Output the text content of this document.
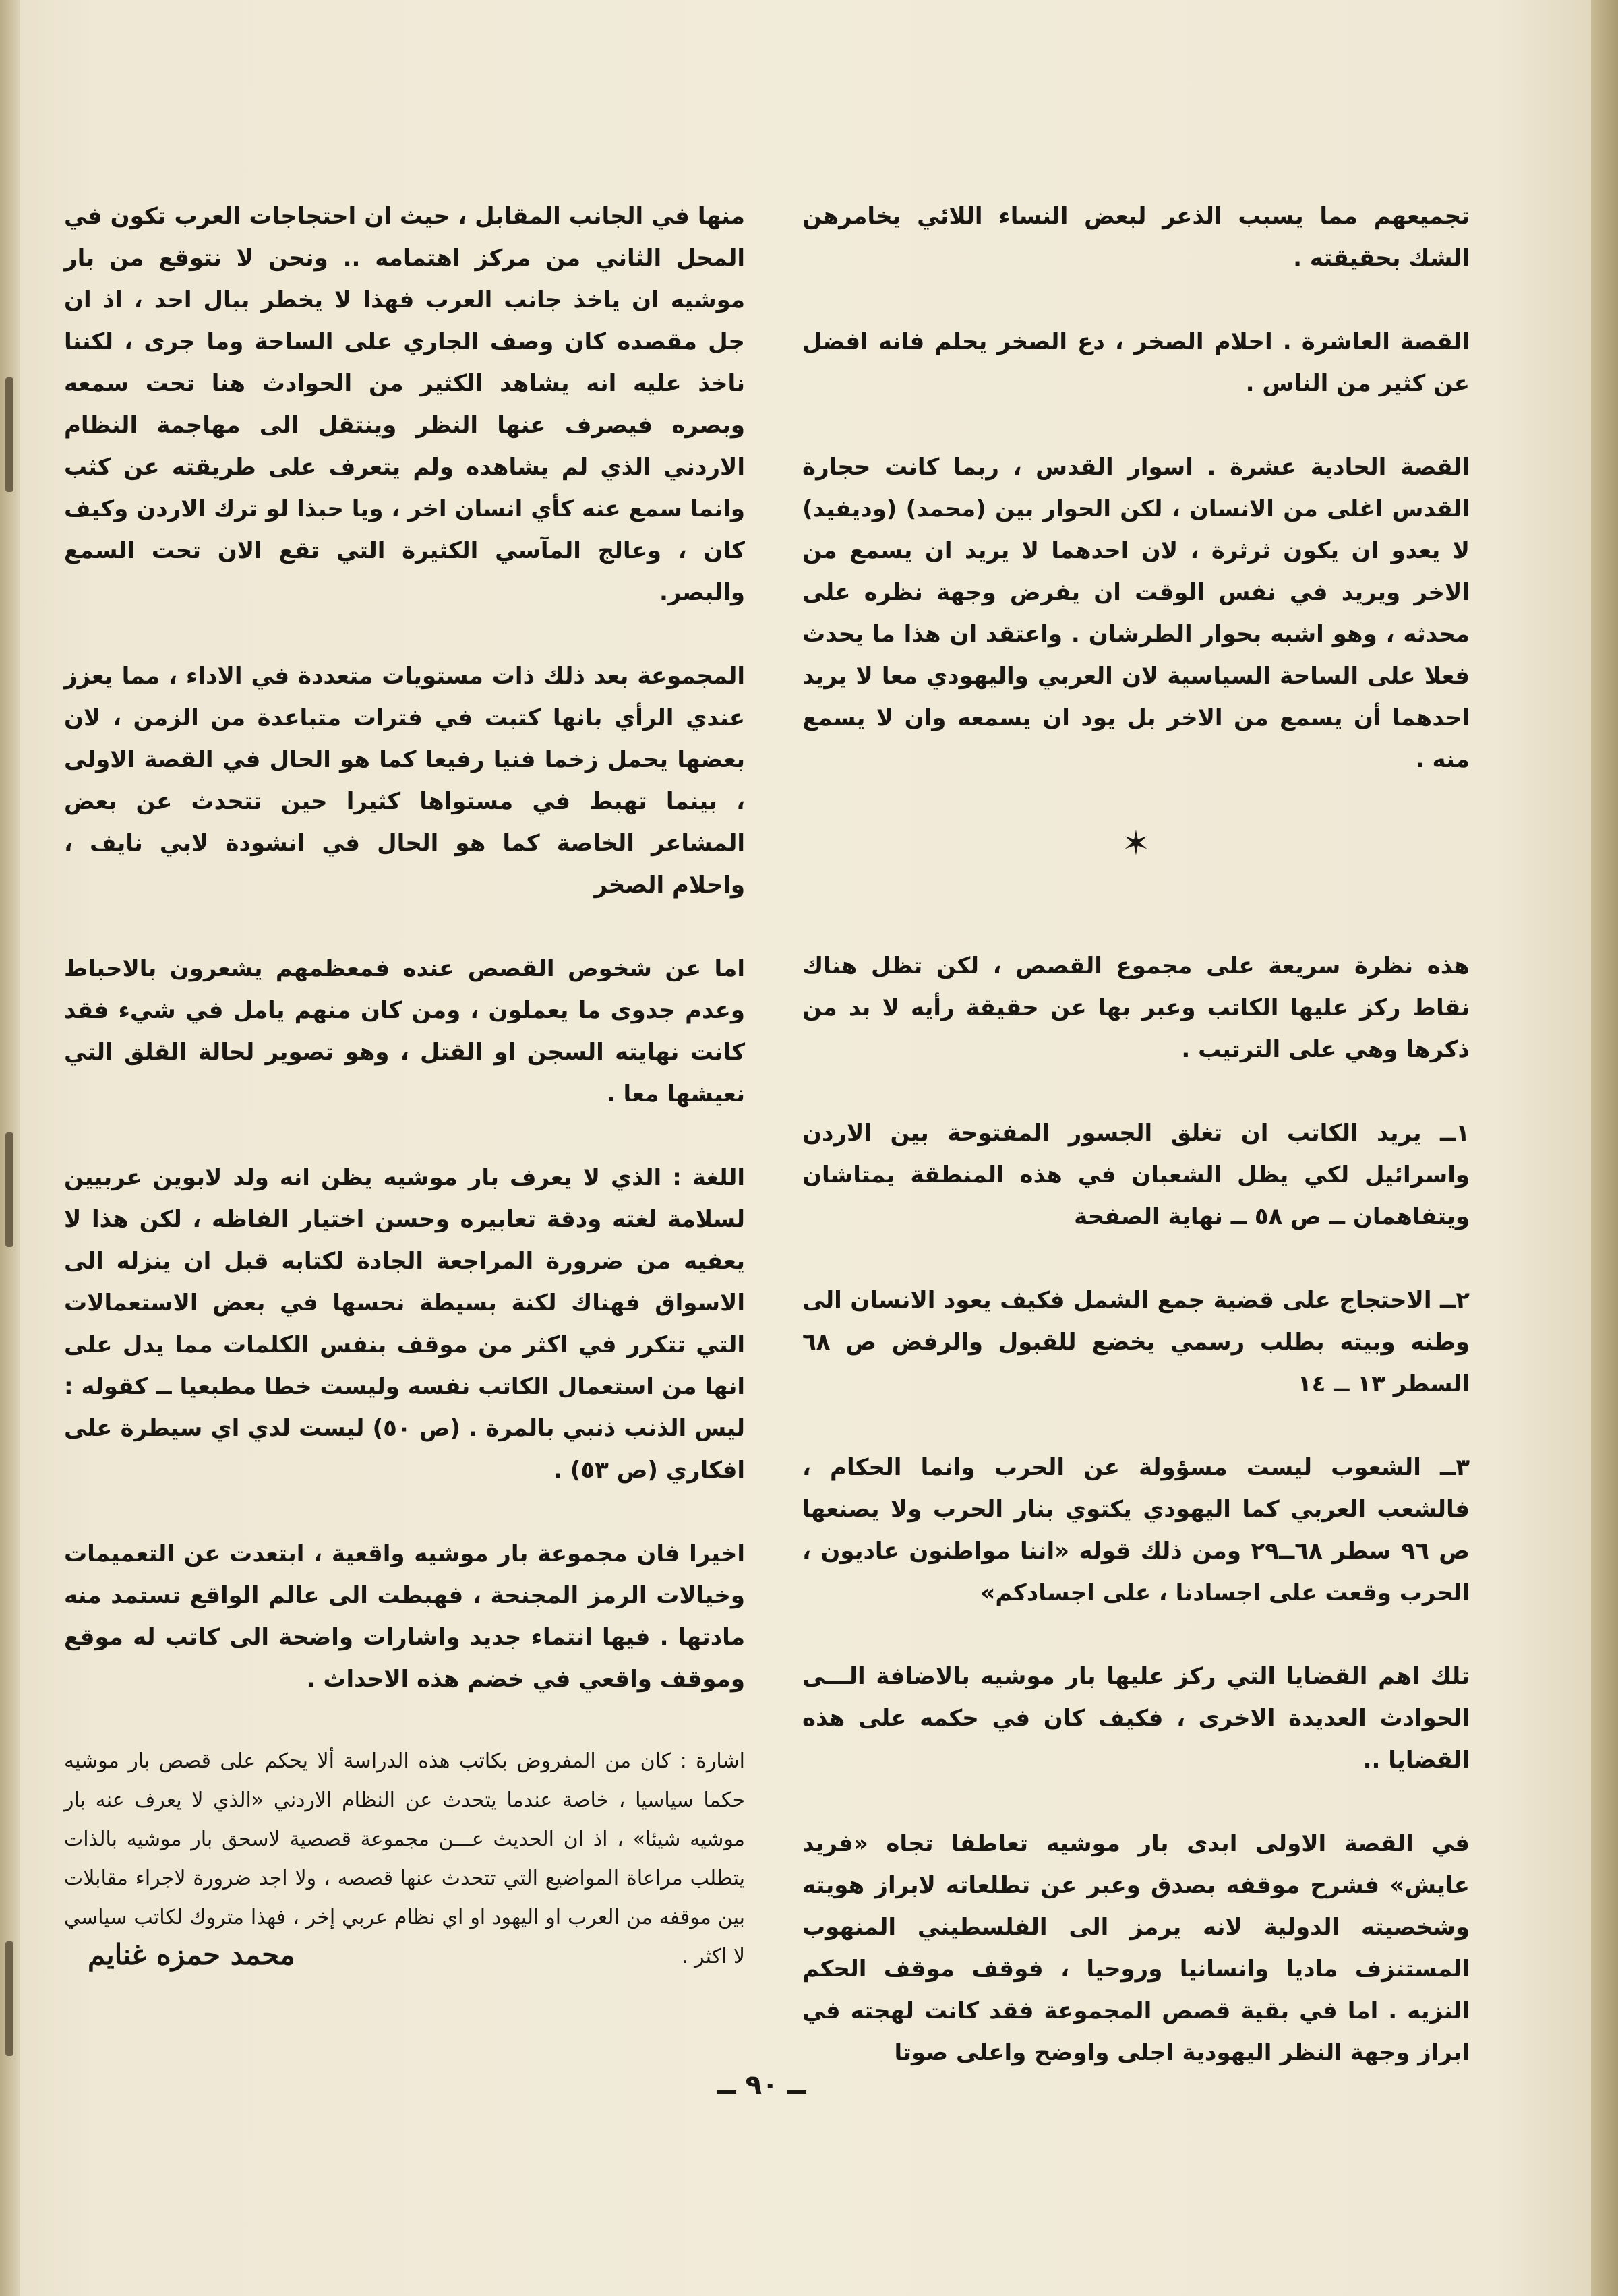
تجميعهم مما يسبب الذعر لبعض النساء اللائي يخامرهن الشك بحقيقته .

القصة العاشرة . احلام الصخر ، دع الصخر يحلم فانه افضل عن كثير من الناس .

القصة الحادية عشرة . اسوار القدس ، ربما كانت حجارة القدس اغلى من الانسان ، لكن الحوار بين (محمد) (وديفيد) لا يعدو ان يكون ثرثرة ، لان احدهما لا يريد ان يسمع من الاخر ويريد في نفس الوقت ان يفرض وجهة نظره على محدثه ، وهو اشبه بحوار الطرشان . واعتقد ان هذا ما يحدث فعلا على الساحة السياسية لان العربي واليهودي معا لا يريد احدهما أن يسمع من الاخر بل يود ان يسمعه وان لا يسمع منه .

✶

هذه نظرة سريعة على مجموع القصص ، لكن تظل هناك نقاط ركز عليها الكاتب وعبر بها عن حقيقة رأيه لا بد من ذكرها وهي على الترتيب .

١ــ يريد الكاتب ان تغلق الجسور المفتوحة بين الاردن واسرائيل لكي يظل الشعبان في هذه المنطقة يمتاشان ويتفاهمان ــ ص ٥٨ ــ نهاية الصفحة

٢ــ الاحتجاج على قضية جمع الشمل فكيف يعود الانسان الى وطنه وبيته بطلب رسمي يخضع للقبول والرفض ص ٦٨ السطر ١٣ ــ ١٤

٣ــ الشعوب ليست مسؤولة عن الحرب وانما الحكام ، فالشعب العربي كما اليهودي يكتوي بنار الحرب ولا يصنعها ص ٩٦ سطر ٦٨ــ٢٩ ومن ذلك قوله «اننا مواطنون عاديون ، الحرب وقعت على اجسادنا ، على اجسادكم»

تلك اهم القضايا التي ركز عليها بار موشيه بالاضافة الـــى الحوادث العديدة الاخرى ، فكيف كان في حكمه على هذه القضايا ..

في القصة الاولى ابدى بار موشيه تعاطفا تجاه «فريد عايش» فشرح موقفه بصدق وعبر عن تطلعاته لابراز هويته وشخصيته الدولية لانه يرمز الى الفلسطيني المنهوب المستنزف ماديا وانسانيا وروحيا ، فوقف موقف الحكم النزيه . اما في بقية قصص المجموعة فقد كانت لهجته في ابراز وجهة النظر اليهودية اجلى واوضح واعلى صوتا

منها في الجانب المقابل ، حيث ان احتجاجات العرب تكون في المحل الثاني من مركز اهتمامه .. ونحن لا نتوقع من بار موشيه ان ياخذ جانب العرب فهذا لا يخطر ببال احد ، اذ ان جل مقصده كان وصف الجاري على الساحة وما جرى ، لكننا ناخذ عليه انه يشاهد الكثير من الحوادث هنا تحت سمعه وبصره فيصرف عنها النظر وينتقل الى مهاجمة النظام الاردني الذي لم يشاهده ولم يتعرف على طريقته عن كثب وانما سمع عنه كأي انسان اخر ، ويا حبذا لو ترك الاردن وكيف كان ، وعالج المآسي الكثيرة التي تقع الان تحت السمع والبصر.

المجموعة بعد ذلك ذات مستويات متعددة في الاداء ، مما يعزز عندي الرأي بانها كتبت في فترات متباعدة من الزمن ، لان بعضها يحمل زخما فنيا رفيعا كما هو الحال في القصة الاولى ، بينما تهبط في مستواها كثيرا حين تتحدث عن بعض المشاعر الخاصة كما هو الحال في انشودة لابي نايف ، واحلام الصخر

اما عن شخوص القصص عنده فمعظمهم يشعرون بالاحباط وعدم جدوى ما يعملون ، ومن كان منهم يامل في شيء فقد كانت نهايته السجن او القتل ، وهو تصوير لحالة القلق التي نعيشها معا .

اللغة : الذي لا يعرف بار موشيه يظن انه ولد لابوين عربيين لسلامة لغته ودقة تعابيره وحسن اختيار الفاظه ، لكن هذا لا يعفيه من ضرورة المراجعة الجادة لكتابه قبل ان ينزله الى الاسواق فهناك لكنة بسيطة نحسها في بعض الاستعمالات التي تتكرر في اكثر من موقف بنفس الكلمات مما يدل على انها من استعمال الكاتب نفسه وليست خطا مطبعيا ــ كقوله : ليس الذنب ذنبي بالمرة . (ص ٥٠) ليست لدي اي سيطرة على افكاري (ص ٥٣) .

اخيرا فان مجموعة بار موشيه واقعية ، ابتعدت عن التعميمات وخيالات الرمز المجنحة ، فهبطت الى عالم الواقع تستمد منه مادتها . فيها انتماء جديد واشارات واضحة الى كاتب له موقع وموقف واقعي في خضم هذه الاحداث .

اشارة : كان من المفروض بكاتب هذه الدراسة ألا يحكم على قصص بار موشيه حكما سياسيا ، خاصة عندما يتحدث عن النظام الاردني «الذي لا يعرف عنه بار موشيه شيئا» ، اذ ان الحديث عـــن مجموعة قصصية لاسحق بار موشيه بالذات يتطلب مراعاة المواضيع التي تتحدث عنها قصصه ، ولا اجد ضرورة لاجراء مقابلات بين موقفه من العرب او اليهود او اي نظام عربي إخر ، فهذا متروك لكاتب سياسي لا اكثر .

محمد حمزه غنايم
ــ ٩٠ ــ
